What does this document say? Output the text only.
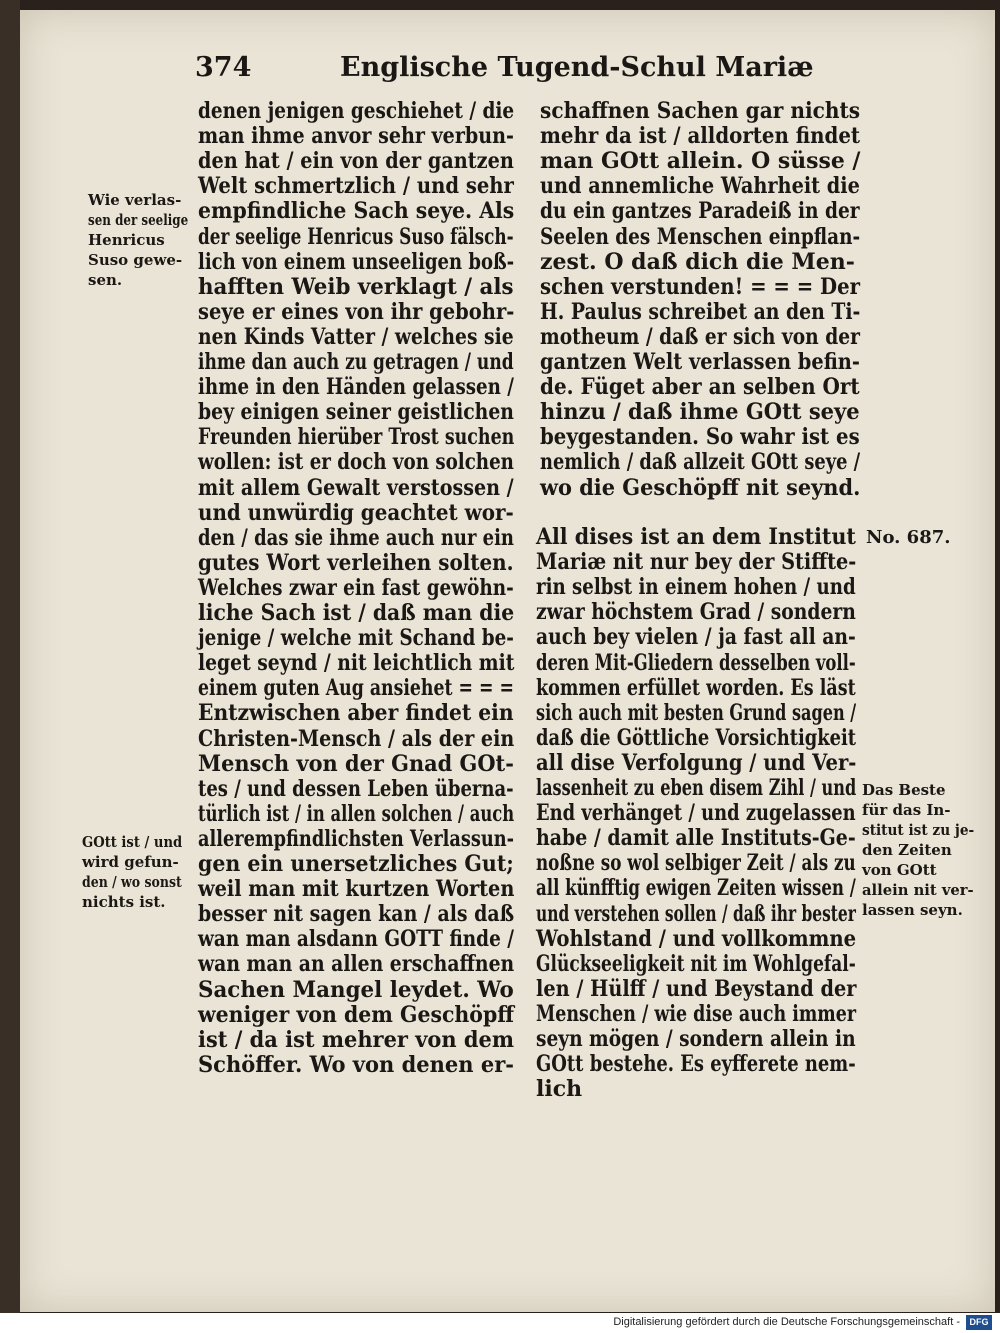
374	Englische Tugend-Schul Mariæ

denen jenigen geschiehet / die

man ihme anvor sehr verbun-

den hat / ein von der gantzen

Welt schmertzlich / und sehr

empfindliche Sach seye. Als

der seelige Henricus Suso fälsch-

lich von einem unseeligen boß-

hafften Weib verklagt / als

seye er eines von ihr gebohr-

nen Kinds Vatter / welches sie

ihme dan auch zu getragen / und

ihme in den Händen gelassen /

bey einigen seiner geistlichen

Freunden hierüber Trost suchen

wollen: ist er doch von solchen

mit allem Gewalt verstossen /

und unwürdig geachtet wor-

den / das sie ihme auch nur ein

gutes Wort verleihen solten.

Welches zwar ein fast gewöhn-

liche Sach ist / daß man die

jenige / welche mit Schand be-

leget seynd / nit leichtlich mit

einem guten Aug ansiehet = = =

Entzwischen aber findet ein

Christen-Mensch / als der ein

Mensch von der Gnad GOt-

tes / und dessen Leben überna-

türlich ist / in allen solchen / auch

allerempfindlichsten Verlassun-

gen ein unersetzliches Gut;

weil man mit kurtzen Worten

besser nit sagen kan / als daß

wan man alsdann GOTT finde /

wan man an allen erschaffnen

Sachen Mangel leydet. Wo

weniger von dem Geschöpff

ist / da ist mehrer von dem

Schöffer. Wo von denen er-

schaffnen Sachen gar nichts

mehr da ist / alldorten findet

man GOtt allein. O süsse /

und annemliche Wahrheit die

du ein gantzes Paradeiß in der

Seelen des Menschen einpflan-

zest. O daß dich die Men-

schen verstunden! = = = Der

H. Paulus schreibet an den Ti-

motheum / daß er sich von der

gantzen Welt verlassen befin-

de. Füget aber an selben Ort

hinzu / daß ihme GOtt seye

beygestanden. So wahr ist es

nemlich / daß allzeit GOtt seye /

wo die Geschöpff nit seynd.

All dises ist an dem Institut

Mariæ nit nur bey der Stiffte-

rin selbst in einem hohen / und

zwar höchstem Grad / sondern

auch bey vielen / ja fast all an-

deren Mit-Gliedern desselben voll-

kommen erfüllet worden. Es läst

sich auch mit besten Grund sagen /

daß die Göttliche Vorsichtigkeit

all dise Verfolgung / und Ver-

lassenheit zu eben disem Zihl / und

End verhänget / und zugelassen

habe / damit alle Instituts-Ge-

noßne so wol selbiger Zeit / als zu

all künfftig ewigen Zeiten wissen /

und verstehen sollen / daß ihr bester

Wohlstand / und vollkommne

Glückseeligkeit nit im Wohlgefal-

len / Hülff / und Beystand der

Menschen / wie dise auch immer

seyn mögen / sondern allein in

GOtt bestehe. Es eyfferete nem-

lich

Wie verlas-

sen der seelige

Henricus

Suso gewe-

sen.

GOtt ist / und

wird gefun-

den / wo sonst

nichts ist.

No. 687.

Das Beste

für das In-

stitut ist zu je-

den Zeiten

von GOtt

allein nit ver-

lassen seyn.

Digitalisierung gefördert durch die Deutsche Forschungsgemeinschaft -	DFG
